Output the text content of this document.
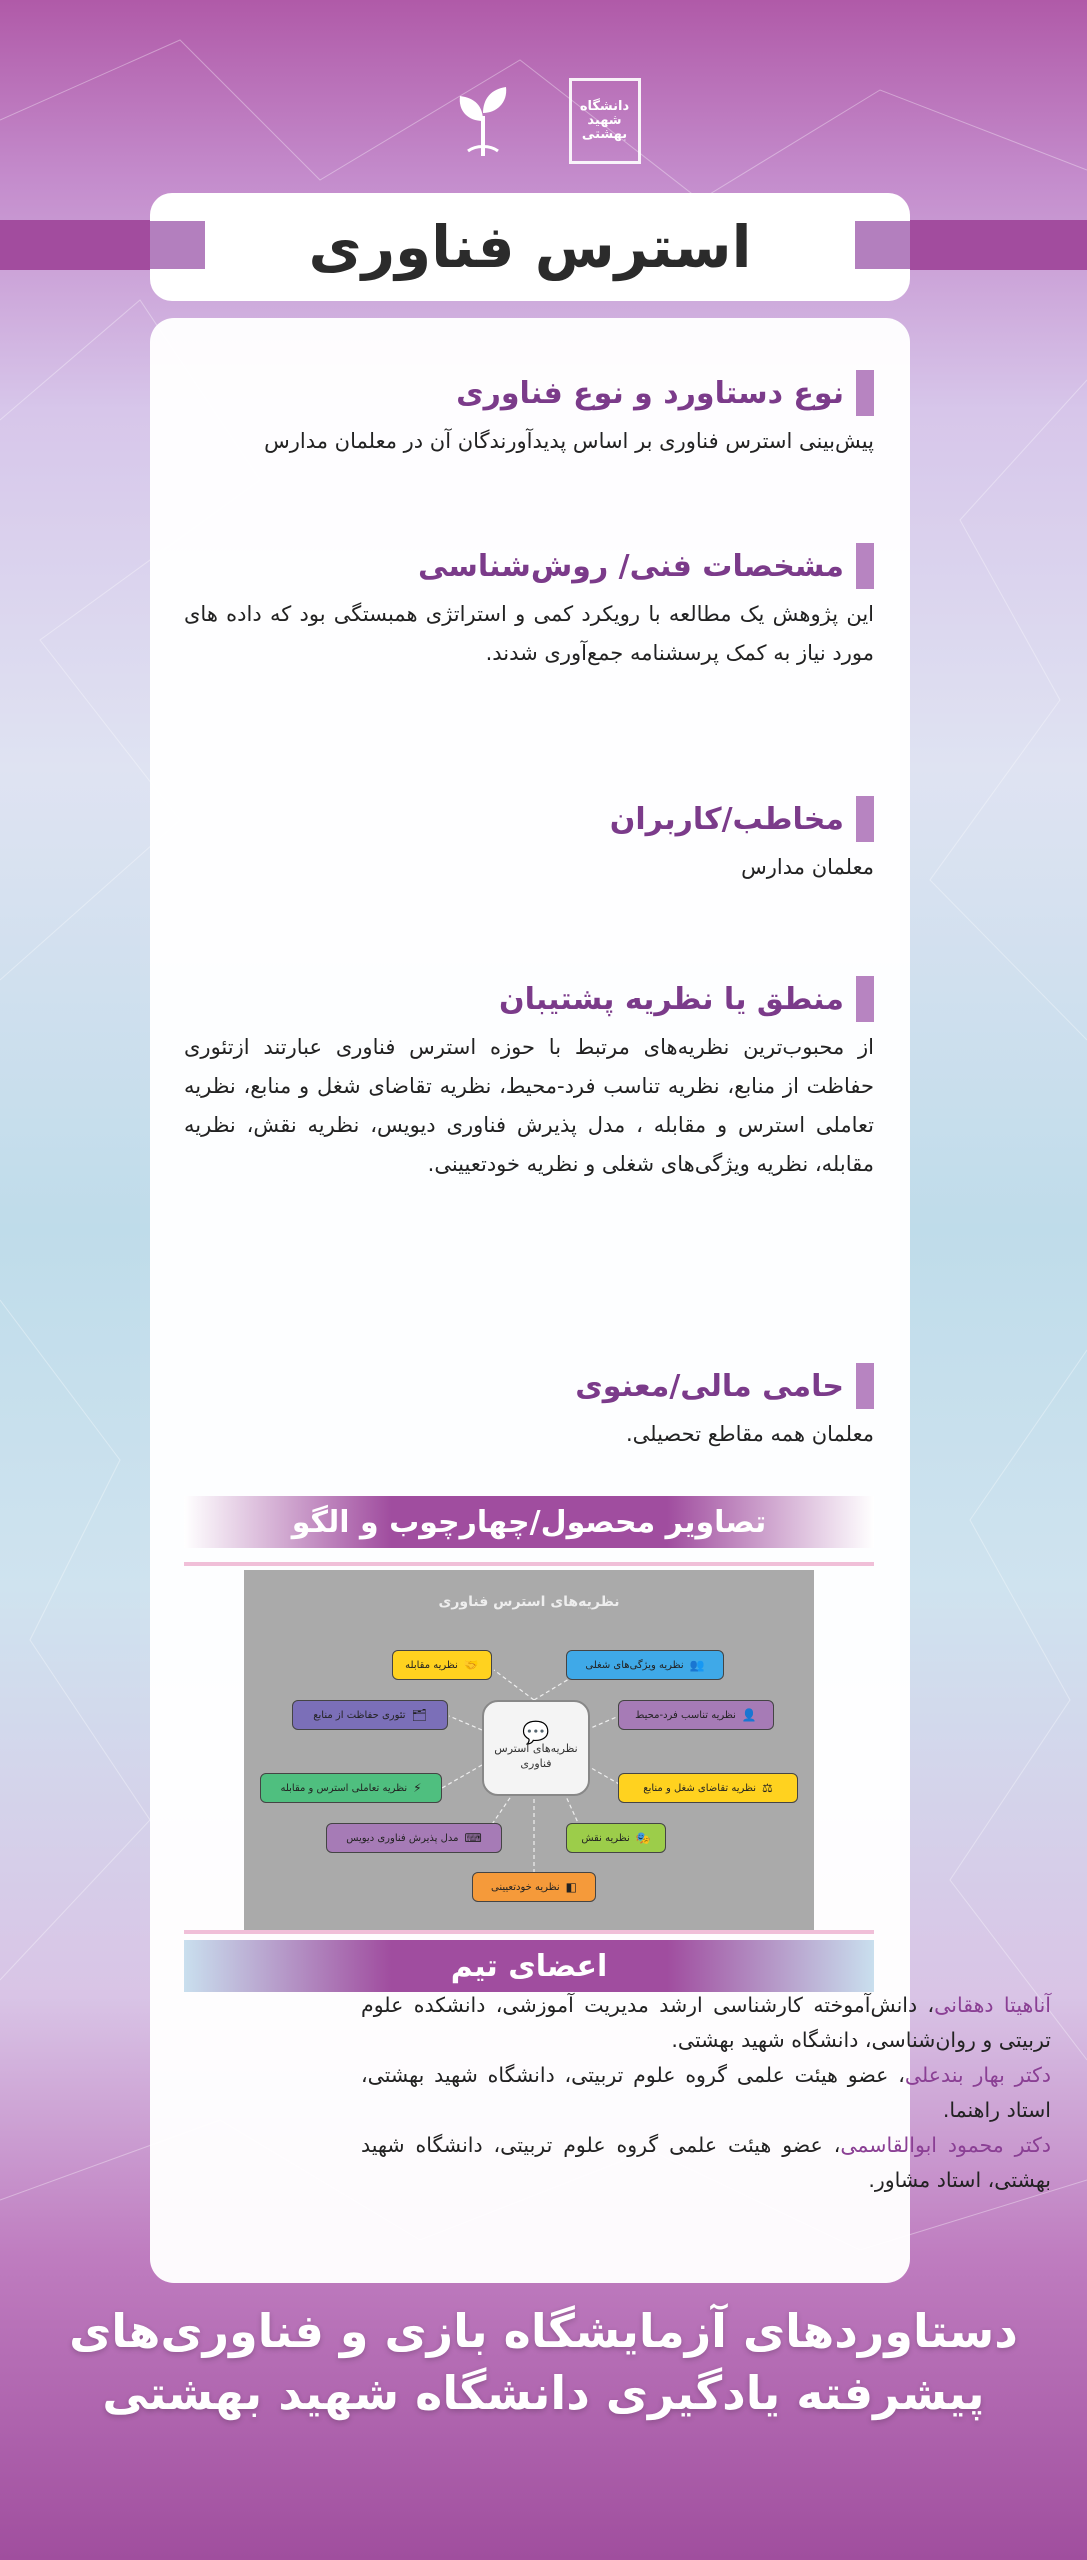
دانشگاه شهید بهشتی
استرس فناوری
نوع دستاورد و نوع فناوری
پیش‌بینی استرس فناوری بر اساس پدیدآورندگان آن در معلمان مدارس
مشخصات فنی/ روش‌شناسی
این پژوهش یک مطالعه با رویکرد کمی و استراتژی همبستگی بود که داده های مورد نیاز به کمک پرسشنامه جمع‌آوری شدند.
مخاطب/کاربران
معلمان مدارس
منطق یا نظریه پشتیبان
از محبوب‌ترین نظریه‌های مرتبط با حوزه استرس فناوری عبارتند ازتئوری حفاظت از منابع، نظریه تناسب فرد-محیط، نظریه تقاضای شغل و منابع، نظریه تعاملی استرس و مقابله ، مدل پذیرش فناوری دیویس، نظریه نقش، نظریه مقابله، نظریه ویژگی‌های شغلی و نظریه خودتعیینی.
حامی مالی/معنوی
معلمان همه مقاطع تحصیلی.
تصاویر محصول/چهارچوب و الگو
نظریه‌های استرس فناوری
💬
نظریه‌های استرس فناوری
🤝
نظریه مقابله	👥
نظریه ویژگی‌های شغلی
🗂
تئوری حفاظت از منابع	👤
نظریه تناسب فرد-محیط
⚡
نظریه تعاملی استرس و مقابله	⚖
نظریه تقاضای شغل و منابع
⌨
مدل پذیرش فناوری دیویس	🎭
نظریه نقش
◧
نظریه خودتعیینی
اعضای تیم

آناهیتا دهقانی، دانش‌آموخته کارشناسی ارشد مدیریت آموزشی، دانشکده علوم تربیتی و روان‌شناسی، دانشگاه شهید بهشتی.

دکتر بهار بندعلی، عضو هیئت علمی گروه علوم تربیتی، دانشگاه شهید بهشتی، استاد راهنما.

دکتر محمود ابوالقاسمی، عضو هیئت علمی گروه علوم تربیتی، دانشگاه شهید بهشتی، استاد مشاور.

دستاوردهای آزمایشگاه بازی و فناوری‌های
پیشرفته یادگیری دانشگاه شهید بهشتی
